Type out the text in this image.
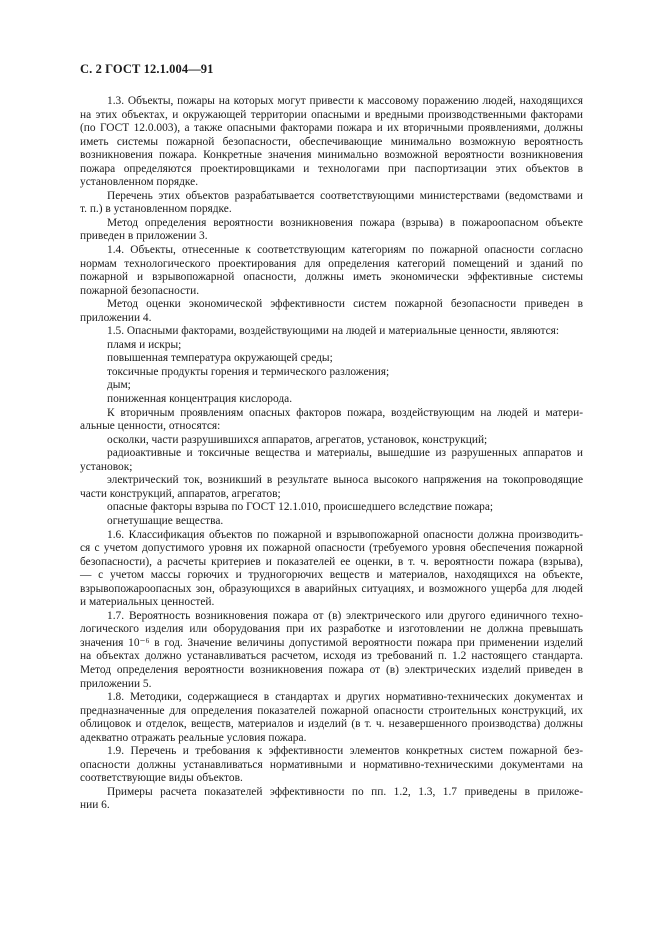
С. 2 ГОСТ 12.1.004—91
1.3. Объекты, пожары на которых могут привести к массовому поражению людей, находящихся
на этих объектах, и окружающей территории опасными и вредными производственными факторами
(по ГОСТ 12.0.003), а также опасными факторами пожара и их вторичными проявлениями, должны
иметь системы пожарной безопасности, обеспечивающие минимально возможную вероятность
возникновения пожара. Конкретные значения минимально возможной вероятности возникновения
пожара определяются проектировщиками и технологами при паспортизации этих объектов в
установленном порядке.
Перечень этих объектов разрабатывается соответствующими министерствами (ведомствами и
т. п.) в установленном порядке.
Метод определения вероятности возникновения пожара (взрыва) в пожароопасном объекте
приведен в приложении 3.
1.4. Объекты, отнесенные к соответствующим категориям по пожарной опасности согласно
нормам технологического проектирования для определения категорий помещений и зданий по
пожарной и взрывопожарной опасности, должны иметь экономически эффективные системы
пожарной безопасности.
Метод оценки экономической эффективности систем пожарной безопасности приведен в
приложении 4.
1.5. Опасными факторами, воздействующими на людей и материальные ценности, являются:
пламя и искры;
повышенная температура окружающей среды;
токсичные продукты горения и термического разложения;
дым;
пониженная концентрация кислорода.
К вторичным проявлениям опасных факторов пожара, воздействующим на людей и матери-
альные ценности, относятся:
осколки, части разрушившихся аппаратов, агрегатов, установок, конструкций;
радиоактивные и токсичные вещества и материалы, вышедшие из разрушенных аппаратов и
установок;
электрический ток, возникший в результате выноса высокого напряжения на токопроводящие
части конструкций, аппаратов, агрегатов;
опасные факторы взрыва по ГОСТ 12.1.010, происшедшего вследствие пожара;
огнетушащие вещества.
1.6. Классификация объектов по пожарной и взрывопожарной опасности должна производить-
ся с учетом допустимого уровня их пожарной опасности (требуемого уровня обеспечения пожарной
безопасности), а расчеты критериев и показателей ее оценки, в т. ч. вероятности пожара (взрыва),
— с учетом массы горючих и трудногорючих веществ и материалов, находящихся на объекте,
взрывопожароопасных зон, образующихся в аварийных ситуациях, и возможного ущерба для людей
и материальных ценностей.
1.7. Вероятность возникновения пожара от (в) электрического или другого единичного техно-
логического изделия или оборудования при их разработке и изготовлении не должна превышать
значения 10⁻⁶ в год. Значение величины допустимой вероятности пожара при применении изделий
на объектах должно устанавливаться расчетом, исходя из требований п. 1.2 настоящего стандарта.
Метод определения вероятности возникновения пожара от (в) электрических изделий приведен в
приложении 5.
1.8. Методики, содержащиеся в стандартах и других нормативно-технических документах и
предназначенные для определения показателей пожарной опасности строительных конструкций, их
облицовок и отделок, веществ, материалов и изделий (в т. ч. незавершенного производства) должны
адекватно отражать реальные условия пожара.
1.9. Перечень и требования к эффективности элементов конкретных систем пожарной без-
опасности должны устанавливаться нормативными и нормативно-техническими документами на
соответствующие виды объектов.
Примеры расчета показателей эффективности по пп. 1.2, 1.3, 1.7 приведены в приложе-
нии 6.
